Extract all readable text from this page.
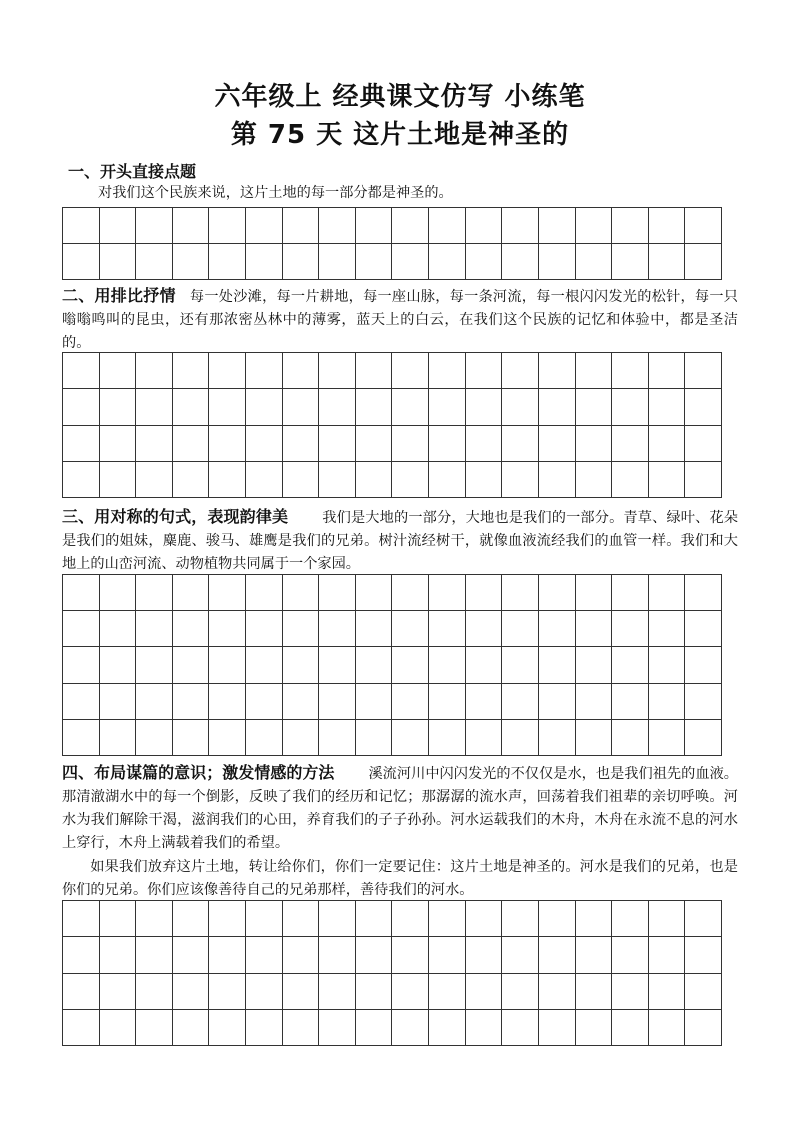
六年级上 经典课文仿写 小练笔
第 75 天 这片土地是神圣的

一、开头直接点题

对我们这个民族来说，这片土地的每一部分都是神圣的。

二、用排比抒情 每一处沙滩，每一片耕地，每一座山脉，每一条河流，每一根闪闪发光的松针，每一只嗡嗡鸣叫的昆虫，还有那浓密丛林中的薄雾，蓝天上的白云，在我们这个民族的记忆和体验中，都是圣洁的。

三、用对称的句式，表现韵律美 我们是大地的一部分，大地也是我们的一部分。青草、绿叶、花朵是我们的姐妹，麋鹿、骏马、雄鹰是我们的兄弟。树汁流经树干，就像血液流经我们的血管一样。我们和大地上的山峦河流、动物植物共同属于一个家园。

四、布局谋篇的意识；激发情感的方法 溪流河川中闪闪发光的不仅仅是水，也是我们祖先的血液。那清澈湖水中的每一个倒影，反映了我们的经历和记忆；那潺潺的流水声，回荡着我们祖辈的亲切呼唤。河水为我们解除干渴，滋润我们的心田，养育我们的子子孙孙。河水运载我们的木舟，木舟在永流不息的河水上穿行，木舟上满载着我们的希望。

如果我们放弃这片土地，转让给你们，你们一定要记住：这片土地是神圣的。河水是我们的兄弟，也是你们的兄弟。你们应该像善待自己的兄弟那样，善待我们的河水。
